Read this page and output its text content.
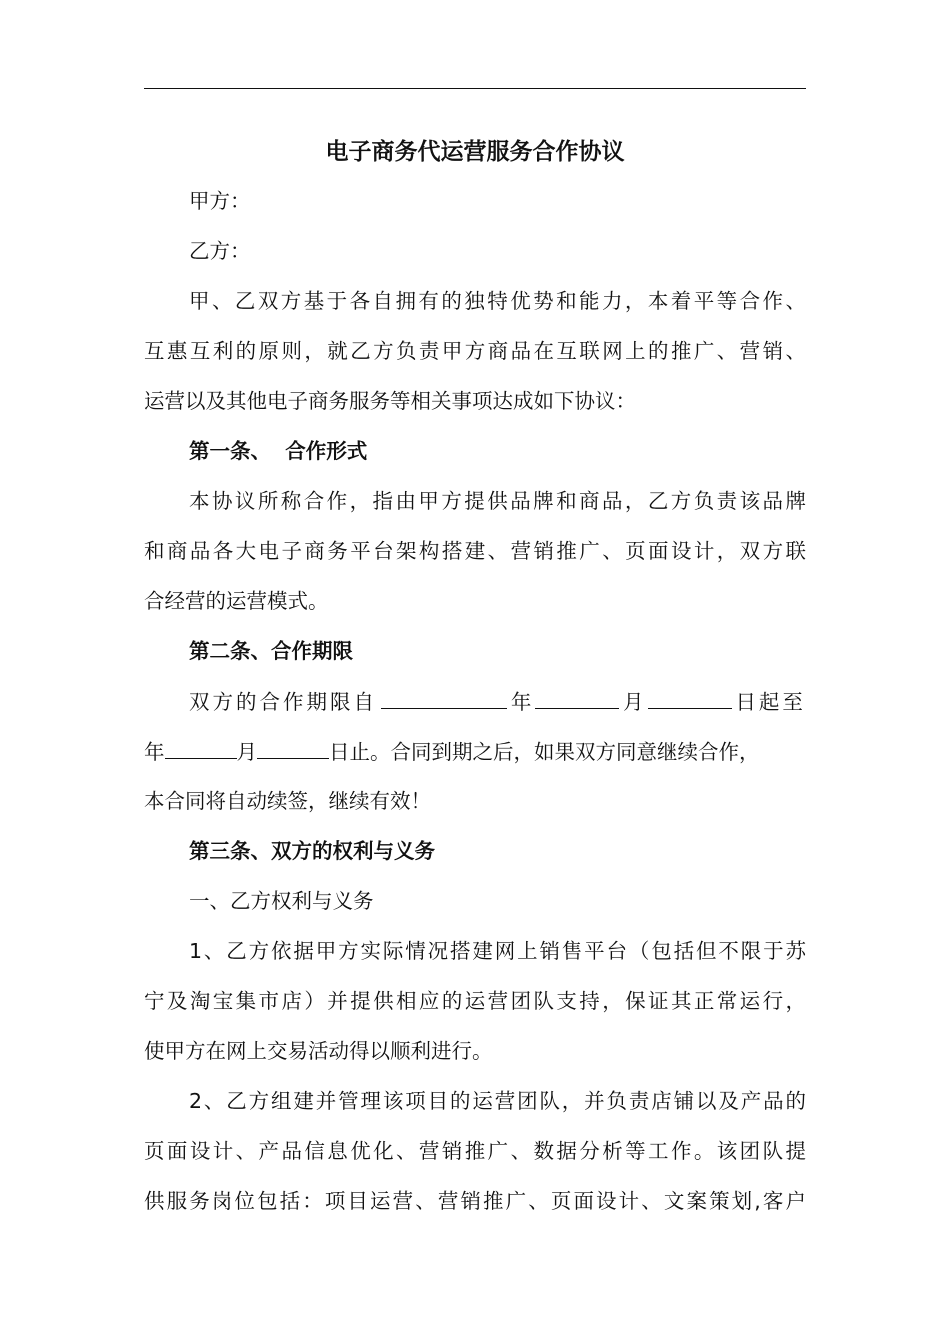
电子商务代运营服务合作协议

甲方：

乙方：

甲、乙双方基于各自拥有的独特优势和能力，本着平等合作、

互惠互利的原则，就乙方负责甲方商品在互联网上的推广、营销、

运营以及其他电子商务服务等相关事项达成如下协议：

第一条、  合作形式

本协议所称合作，指由甲方提供品牌和商品，乙方负责该品牌

和商品各大电子商务平台架构搭建、营销推广、页面设计，双方联

合经营的运营模式。

第二条、合作期限

双方的合作期限自	年	月	日起至
年	月	日止。合同到期之后，如果双方同意继续合作，

本合同将自动续签，继续有效！

第三条、双方的权利与义务

一、乙方权利与义务

1、乙方依据甲方实际情况搭建网上销售平台（包括但不限于苏

宁及淘宝集市店）并提供相应的运营团队支持，保证其正常运行，

使甲方在网上交易活动得以顺利进行。

2、乙方组建并管理该项目的运营团队，并负责店铺以及产品的

页面设计、产品信息优化、营销推广、数据分析等工作。该团队提

供服务岗位包括：项目运营、营销推广、页面设计、文案策划,客户
